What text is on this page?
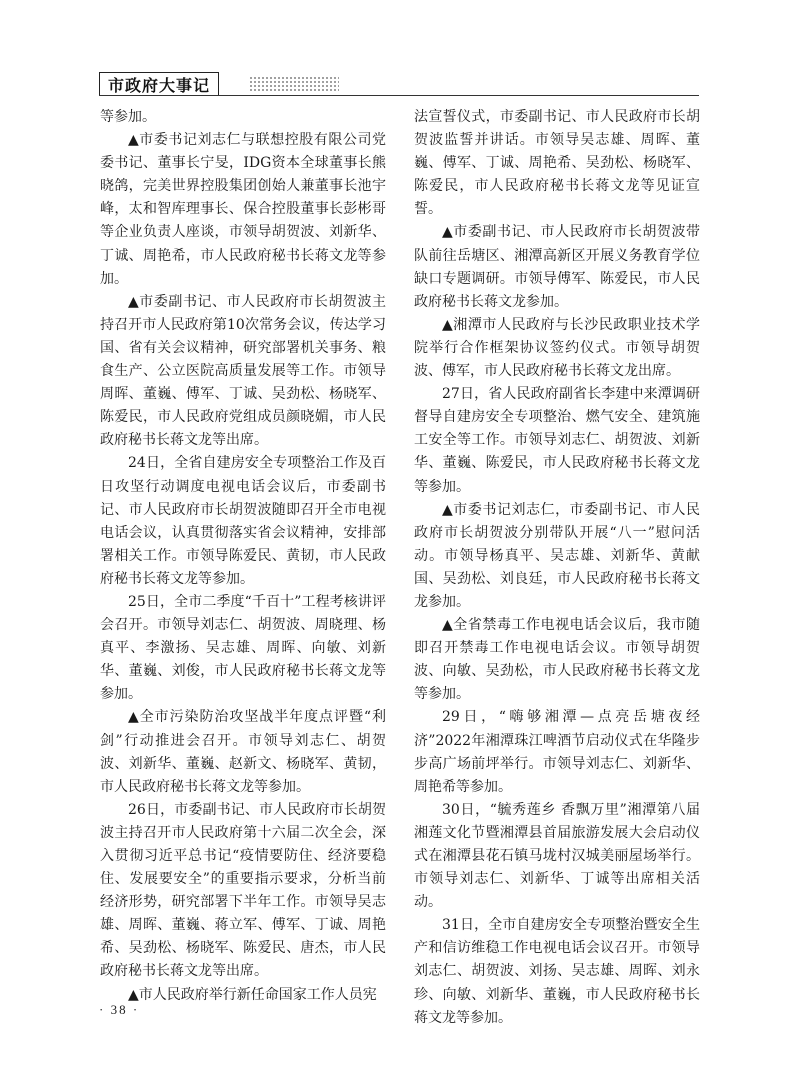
市政府大事记

等参加。

▲市委书记刘志仁与联想控股有限公司党委书记、董事长宁旻，IDG资本全球董事长熊晓鸽，完美世界控股集团创始人兼董事长池宇峰，太和智库理事长、保合控股董事长彭彬哥等企业负责人座谈，市领导胡贺波、刘新华、丁诚、周艳希，市人民政府秘书长蒋文龙等参加。

▲市委副书记、市人民政府市长胡贺波主持召开市人民政府第10次常务会议，传达学习国、省有关会议精神，研究部署机关事务、粮食生产、公立医院高质量发展等工作。市领导周晖、董巍、傅军、丁诚、吴劲松、杨晓军、陈爱民，市人民政府党组成员颜晓媚，市人民政府秘书长蒋文龙等出席。

24日，全省自建房安全专项整治工作及百日攻坚行动调度电视电话会议后，市委副书记、市人民政府市长胡贺波随即召开全市电视电话会议，认真贯彻落实省会议精神，安排部署相关工作。市领导陈爱民、黄韧，市人民政府秘书长蒋文龙等参加。

25日，全市二季度“千百十”工程考核讲评会召开。市领导刘志仁、胡贺波、周晓理、杨真平、李激扬、吴志雄、周晖、向敏、刘新华、董巍、刘俊，市人民政府秘书长蒋文龙等参加。

▲全市污染防治攻坚战半年度点评暨“利剑”行动推进会召开。市领导刘志仁、胡贺波、刘新华、董巍、赵新文、杨晓军、黄韧，市人民政府秘书长蒋文龙等参加。

26日，市委副书记、市人民政府市长胡贺波主持召开市人民政府第十六届二次全会，深入贯彻习近平总书记“疫情要防住、经济要稳住、发展要安全”的重要指示要求，分析当前经济形势，研究部署下半年工作。市领导吴志雄、周晖、董巍、蒋立军、傅军、丁诚、周艳希、吴劲松、杨晓军、陈爱民、唐杰，市人民政府秘书长蒋文龙等出席。

▲市人民政府举行新任命国家工作人员宪

法宣誓仪式，市委副书记、市人民政府市长胡贺波监誓并讲话。市领导吴志雄、周晖、董巍、傅军、丁诚、周艳希、吴劲松、杨晓军、陈爱民，市人民政府秘书长蒋文龙等见证宣誓。

▲市委副书记、市人民政府市长胡贺波带队前往岳塘区、湘潭高新区开展义务教育学位缺口专题调研。市领导傅军、陈爱民，市人民政府秘书长蒋文龙参加。

▲湘潭市人民政府与长沙民政职业技术学院举行合作框架协议签约仪式。市领导胡贺波、傅军，市人民政府秘书长蒋文龙出席。

27日，省人民政府副省长李建中来潭调研督导自建房安全专项整治、燃气安全、建筑施工安全等工作。市领导刘志仁、胡贺波、刘新华、董巍、陈爱民，市人民政府秘书长蒋文龙等参加。

▲市委书记刘志仁，市委副书记、市人民政府市长胡贺波分别带队开展“八一”慰问活动。市领导杨真平、吴志雄、刘新华、黄献国、吴劲松、刘良廷，市人民政府秘书长蒋文龙参加。

▲全省禁毒工作电视电话会议后，我市随即召开禁毒工作电视电话会议。市领导胡贺波、向敏、吴劲松，市人民政府秘书长蒋文龙等参加。

29日，“嗨够湘潭—点亮岳塘夜经济”2022年湘潭珠江啤酒节启动仪式在华隆步步高广场前坪举行。市领导刘志仁、刘新华、周艳希等参加。

30日，“毓秀莲乡 香飘万里”湘潭第八届湘莲文化节暨湘潭县首届旅游发展大会启动仪式在湘潭县花石镇马垅村汉城美丽屋场举行。市领导刘志仁、刘新华、丁诚等出席相关活动。

31日，全市自建房安全专项整治暨安全生产和信访维稳工作电视电话会议召开。市领导刘志仁、胡贺波、刘扬、吴志雄、周晖、刘永珍、向敏、刘新华、董巍，市人民政府秘书长蒋文龙等参加。

· 38 ·
